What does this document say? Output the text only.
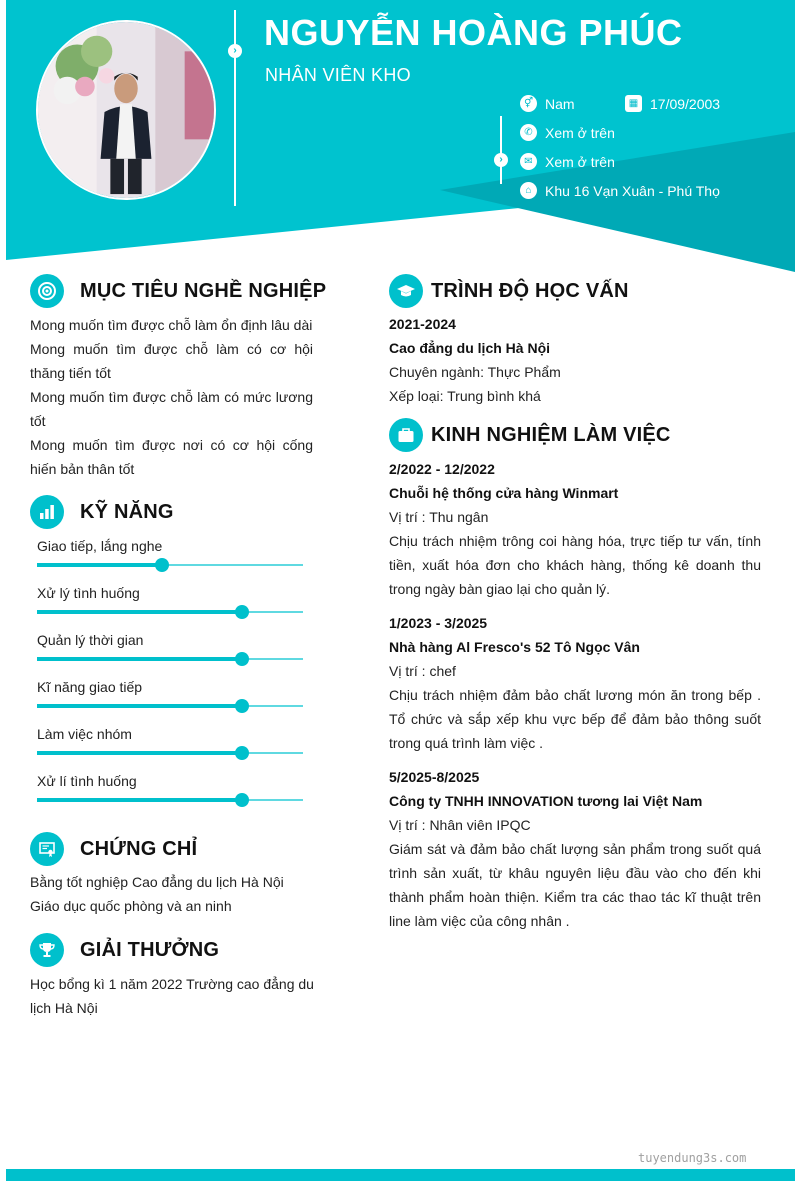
› NGUYỄN HOÀNG PHÚC
NHÂN VIÊN KHO
›
⚥ Nam	▦ 17/09/2003
✆ Xem ở trên
✉ Xem ở trên
⌂ Khu 16 Vạn Xuân - Phú Thọ
MỤC TIÊU NGHỀ NGHIỆP
Mong muốn tìm được chỗ làm ổn định lâu dài
Mong muốn tìm được chỗ làm có cơ hội thăng tiến tốt
Mong muốn tìm được chỗ làm có mức lương tốt
Mong muốn tìm được nơi có cơ hội cống hiến bản thân tốt
KỸ NĂNG
Giao tiếp, lắng nghe
Xử lý tình huống
Quản lý thời gian
Kĩ năng giao tiếp
Làm việc nhóm
Xử lí tình huống
CHỨNG CHỈ
Bằng tốt nghiệp Cao đẳng du lịch Hà Nội
Giáo dục quốc phòng và an ninh
GIẢI THƯỞNG
Học bổng kì 1 năm 2022 Trường cao đẳng du lịch Hà Nội
TRÌNH ĐỘ HỌC VẤN
2021-2024
Cao đẳng du lịch Hà Nội
Chuyên ngành: Thực Phẩm
Xếp loại: Trung bình khá
KINH NGHIỆM LÀM VIỆC
2/2022 - 12/2022
Chuỗi hệ thống cửa hàng Winmart
Vị trí : Thu ngân
Chịu trách nhiệm trông coi hàng hóa, trực tiếp tư vấn, tính tiền, xuất hóa đơn cho khách hàng, thống kê doanh thu trong ngày bàn giao lại cho quản lý.
1/2023 - 3/2025
Nhà hàng Al Fresco's 52 Tô Ngọc Vân
Vị trí : chef
Chịu trách nhiệm đảm bảo chất lương món ăn trong bếp . Tổ chức và sắp xếp khu vực bếp để đảm bảo thông suốt trong quá trình làm việc .
5/2025-8/2025
Công ty TNHH INNOVATION tương lai Việt Nam
Vị trí : Nhân viên IPQC
Giám sát và đảm bảo chất lượng sản phẩm trong suốt quá trình sản xuất, từ khâu nguyên liệu đầu vào cho đến khi thành phẩm hoàn thiện. Kiểm tra các thao tác kĩ thuật trên line làm việc của công nhân .
tuyendung3s.com
